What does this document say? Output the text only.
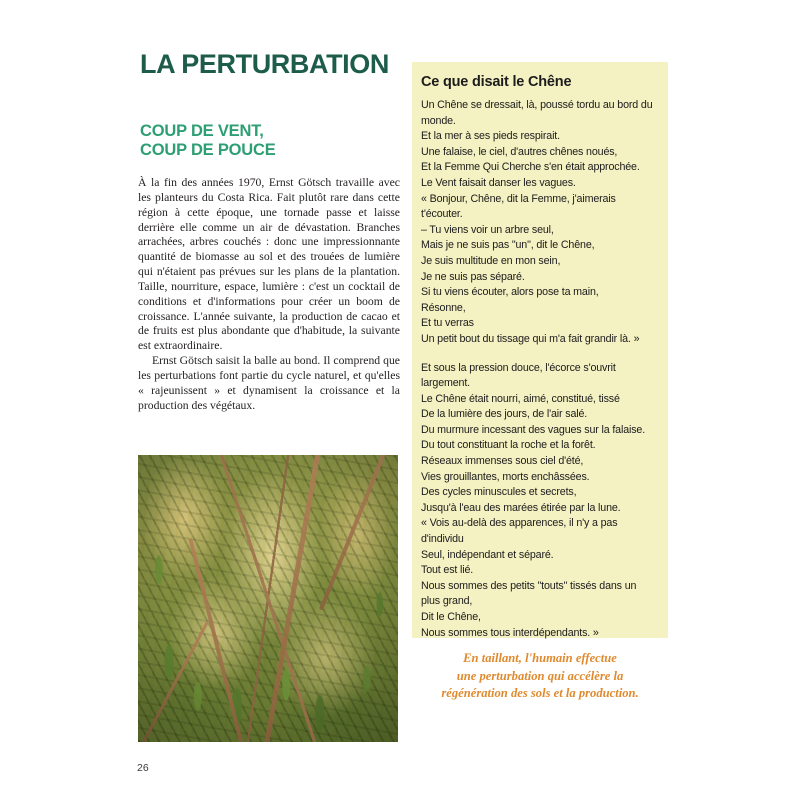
LA PERTURBATION
COUP DE VENT,
COUP DE POUCE

À la fin des années 1970, Ernst Götsch travaille avec les planteurs du Costa Rica. Fait plutôt rare dans cette région à cette époque, une tornade passe et laisse derrière elle comme un air de dévastation. Branches arrachées, arbres couchés : donc une impressionnante quantité de biomasse au sol et des trouées de lumière qui n'étaient pas prévues sur les plans de la plantation. Taille, nourriture, espace, lumière : c'est un cocktail de conditions et d'informations pour créer un boom de croissance. L'année suivante, la production de cacao et de fruits est plus abondante que d'habitude, la suivante est extraordinaire.

Ernst Götsch saisit la balle au bond. Il comprend que les perturbations font partie du cycle naturel, et qu'elles « rajeunissent » et dynamisent la croissance et la production des végétaux.

26
Ce que disait le Chêne
Un Chêne se dressait, là, poussé tordu au bord du monde.
Et la mer à ses pieds respirait.
Une falaise, le ciel, d'autres chênes noués,
Et la Femme Qui Cherche s'en était approchée.
Le Vent faisait danser les vagues.
« Bonjour, Chêne, dit la Femme, j'aimerais t'écouter.
– Tu viens voir un arbre seul,
Mais je ne suis pas "un", dit le Chêne,
Je suis multitude en mon sein,
Je ne suis pas séparé.
Si tu viens écouter, alors pose ta main,
Résonne,
Et tu verras
Un petit bout du tissage qui m'a fait grandir là. »
Et sous la pression douce, l'écorce s'ouvrit largement.
Le Chêne était nourri, aimé, constitué, tissé
De la lumière des jours, de l'air salé.
Du murmure incessant des vagues sur la falaise.
Du tout constituant la roche et la forêt.
Réseaux immenses sous ciel d'été,
Vies grouillantes, morts enchâssées.
Des cycles minuscules et secrets,
Jusqu'à l'eau des marées étirée par la lune.
« Vois au-delà des apparences, il n'y a pas d'individu
Seul, indépendant et séparé.
Tout est lié.
Nous sommes des petits "touts" tissés dans un plus grand,
Dit le Chêne,
Nous sommes tous interdépendants. »
En taillant, l'humain effectue
une perturbation qui accélère la
régénération des sols et la production.
